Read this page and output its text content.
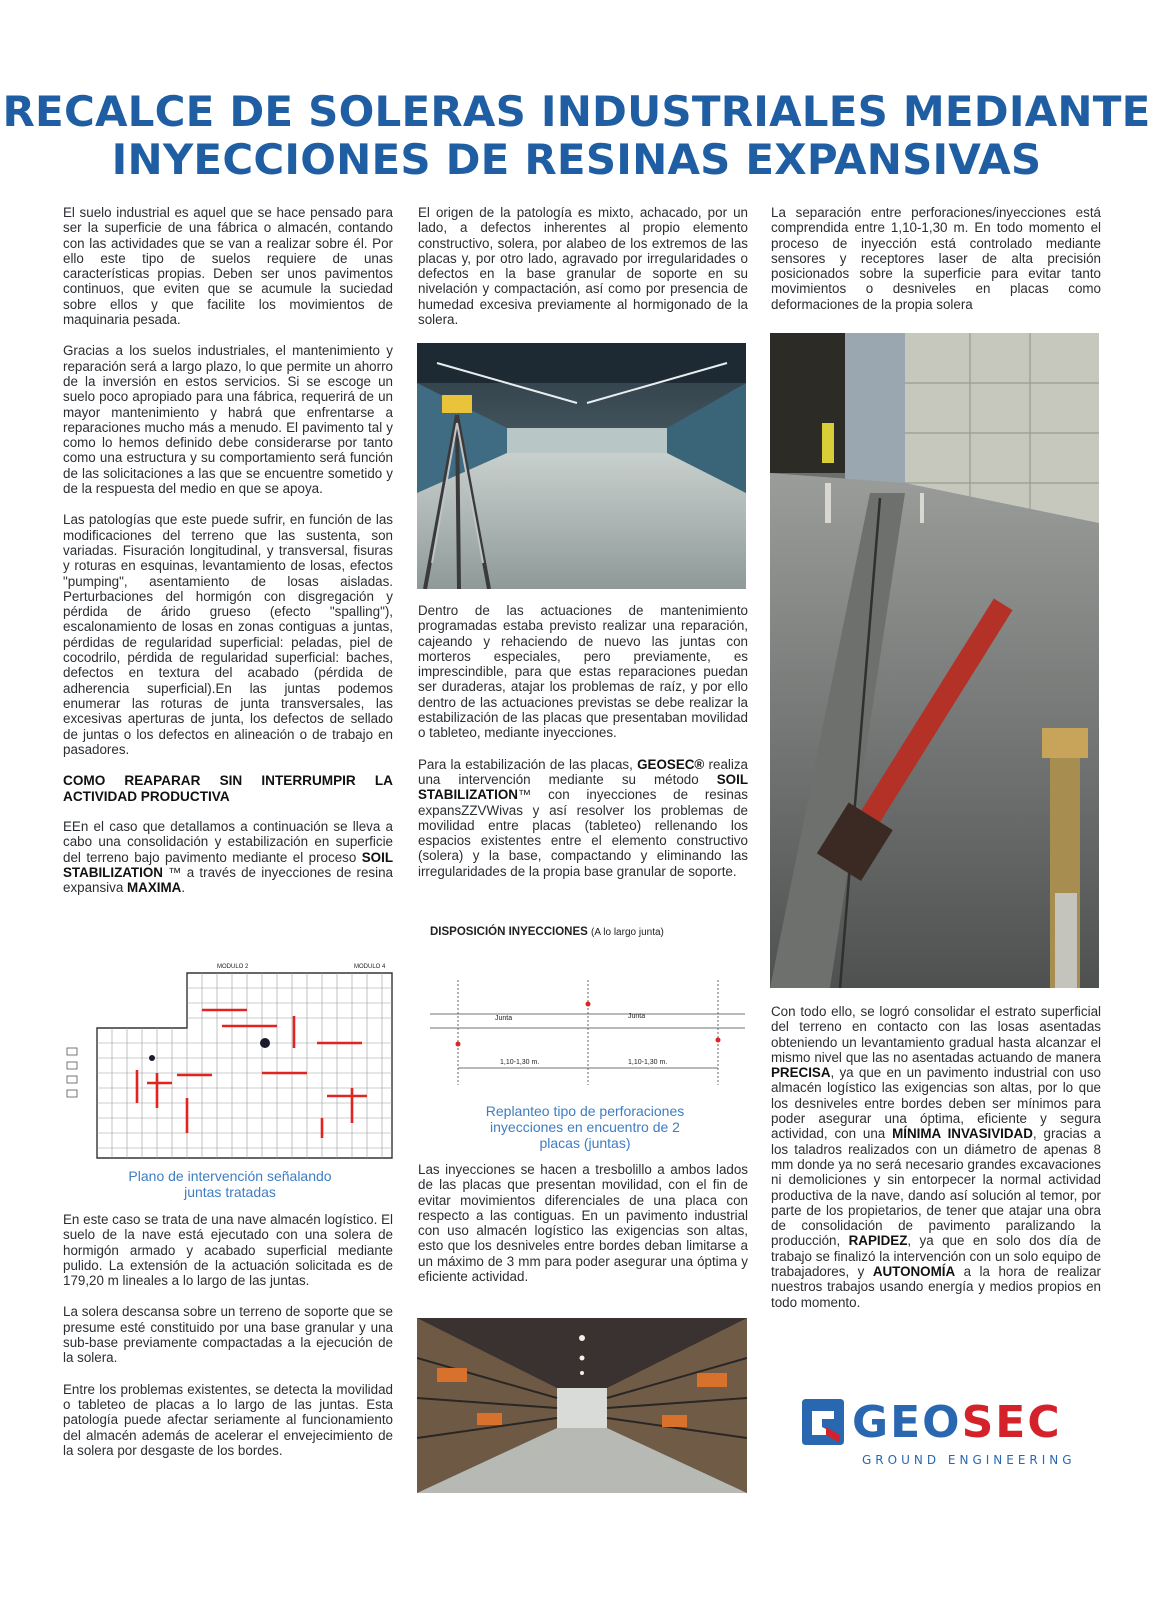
RECALCE DE SOLERAS INDUSTRIALES MEDIANTE
INYECCIONES DE RESINAS EXPANSIVAS

El suelo industrial es aquel que se hace pensado para ser la superficie de una fábrica o almacén, contando con las actividades que se van a realizar sobre él. Por ello este tipo de suelos requiere de unas características propias. Deben ser unos pavimentos continuos, que eviten que se acumule la suciedad sobre ellos y que facilite los movimientos de maquinaria pesada.

Gracias a los suelos industriales, el mantenimiento y reparación será a largo plazo, lo que permite un ahorro de la inversión en estos servicios. Si se escoge un suelo poco apropiado para una fábrica, requerirá de un mayor mantenimiento y habrá que enfrentarse a reparaciones mucho más a menudo. El pavimento tal y como lo hemos definido debe considerarse por tanto como una estructura y su comportamiento será función de las solicitaciones a las que se encuentre sometido y de la respuesta del medio en que se apoya.

Las patologías que este puede sufrir, en función de las modificaciones del terreno que las sustenta, son variadas. Fisuración longitudinal, y transversal, fisuras y roturas en esquinas, levantamiento de losas, efectos "pumping", asentamiento de losas aisladas. Perturbaciones del hormigón con disgregación y pérdida de árido grueso (efecto "spalling"), escalonamiento de losas en zonas contiguas a juntas, pérdidas de regularidad superficial: peladas, piel de cocodrilo, pérdida de regularidad superficial: baches, defectos en textura del acabado (pérdida de adherencia superficial).En las juntas podemos enumerar las roturas de junta transversales, las excesivas aperturas de junta, los defectos de sellado de juntas o los defectos en alineación o de trabajo en pasadores.

COMO REAPARAR SIN INTERRUMPIR LA ACTIVIDAD PRODUCTIVA

EEn el caso que detallamos a continuación se lleva a cabo una consolidación y estabilización en superficie del terreno bajo pavimento mediante el proceso SOIL STABILIZATION ™ a través de inyecciones de resina expansiva MAXIMA.

MODULO 2	MODULO 4
Plano de intervención señalando juntas tratadas

En este caso se trata de una nave almacén logístico. El suelo de la nave está ejecutado con una solera de hormigón armado y acabado superficial mediante pulido. La extensión de la actuación solicitada es de 179,20 m lineales a lo largo de las juntas.

La solera descansa sobre un terreno de soporte que se presume esté constituido por una base granular y una sub-base previamente compactadas a la ejecución de la solera.

Entre los problemas existentes, se detecta la movilidad o tableteo de placas a lo largo de las juntas. Esta patología puede afectar seriamente al funcionamiento del almacén además de acelerar el envejecimiento de la solera por desgaste de los bordes.

El origen de la patología es mixto, achacado, por un lado, a defectos inherentes al propio elemento constructivo, solera, por alabeo de los extremos de las placas y, por otro lado, agravado por irregularidades o defectos en la base granular de soporte en su nivelación y compactación, así como por presencia de humedad excesiva previamente al hormigonado de la solera.

Dentro de las actuaciones de mantenimiento programadas estaba previsto realizar una reparación, cajeando y rehaciendo de nuevo las juntas con morteros especiales, pero previamente, es imprescindible, para que estas reparaciones puedan ser duraderas, atajar los problemas de raíz, y por ello dentro de las actuaciones previstas se debe realizar la estabilización de las placas que presentaban movilidad o tableteo, mediante inyecciones.

Para la estabilización de las placas, GEOSEC® realiza una intervención mediante su método SOIL STABILIZATION™ con inyecciones de resinas expansZZVWivas y así resolver los problemas de movilidad entre placas (tableteo) rellenando los espacios existentes entre el elemento constructivo (solera) y la base, compactando y eliminando las irregularidades de la propia base granular de soporte.

DISPOSICIÓN INYECCIONES (A lo largo junta)
Junta	Junta
1,10-1,30 m.	1,10-1,30 m.
Replanteo tipo de perforaciones inyecciones en encuentro de 2 placas (juntas)

Las inyecciones se hacen a tresbolillo a ambos lados de las placas que presentan movilidad, con el fin de evitar movimientos diferenciales de una placa con respecto a las contiguas. En un pavimento industrial con uso almacén logístico las exigencias son altas, esto que los desniveles entre bordes deban limitarse a un máximo de 3 mm para poder asegurar una óptima y eficiente actividad.

La separación entre perforaciones/inyecciones está comprendida entre 1,10-1,30 m. En todo momento el proceso de inyección está controlado mediante sensores y receptores laser de alta precisión posicionados sobre la superficie para evitar tanto movimientos o desniveles en placas como deformaciones de la propia solera

Con todo ello, se logró consolidar el estrato superficial del terreno en contacto con las losas asentadas obteniendo un levantamiento gradual hasta alcanzar el mismo nivel que las no asentadas actuando de manera PRECISA, ya que en un pavimento industrial con uso almacén logístico las exigencias son altas, por lo que los desniveles entre bordes deben ser mínimos para poder asegurar una óptima, eficiente y segura actividad, con una MÍNIMA INVASIVIDAD, gracias a los taladros realizados con un diámetro de apenas 8 mm donde ya no será necesario grandes excavaciones ni demoliciones y sin entorpecer la normal actividad productiva de la nave, dando así solución al temor, por parte de los propietarios, de tener que atajar una obra de consolidación de pavimento paralizando la producción, RAPIDEZ, ya que en solo dos día de trabajo se finalizó la intervención con un solo equipo de trabajadores, y AUTONOMÍA a la hora de realizar nuestros trabajos usando energía y medios propios en todo momento.

GEOSEC
GROUND ENGINEERING
